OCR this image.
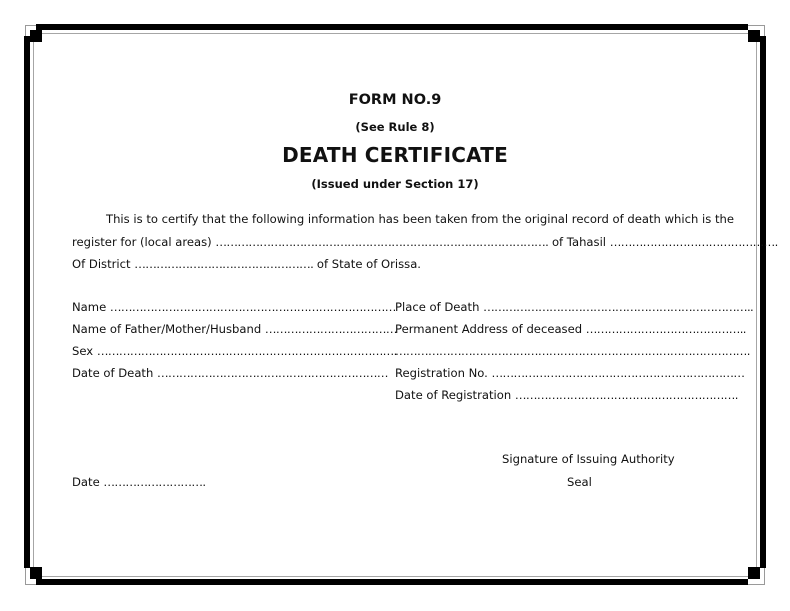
FORM NO.9
(See Rule 8)
DEATH CERTIFICATE
(Issued under Section 17)
This is to certify that the following information has been taken from the original record of death which is the
register for (local areas) ………………………………………………………………………………. of Tahasil ……………………………………….
Of District …………………………………………. of State of Orissa.
Name ……………………………………………………………………
Name of Father/Mother/Husband ………………………………
Sex ……………………………………………………………………….
Date of Death ………………………………………………………
Place of Death ………………………………………………………………..
Permanent Address of deceased ……………………………………..
…………………………………………………………………………………….
Registration No. ……………………………………………………………
Date of Registration …………………………………………………….
Signature of Issuing Authority
Seal
Date ……………………….
